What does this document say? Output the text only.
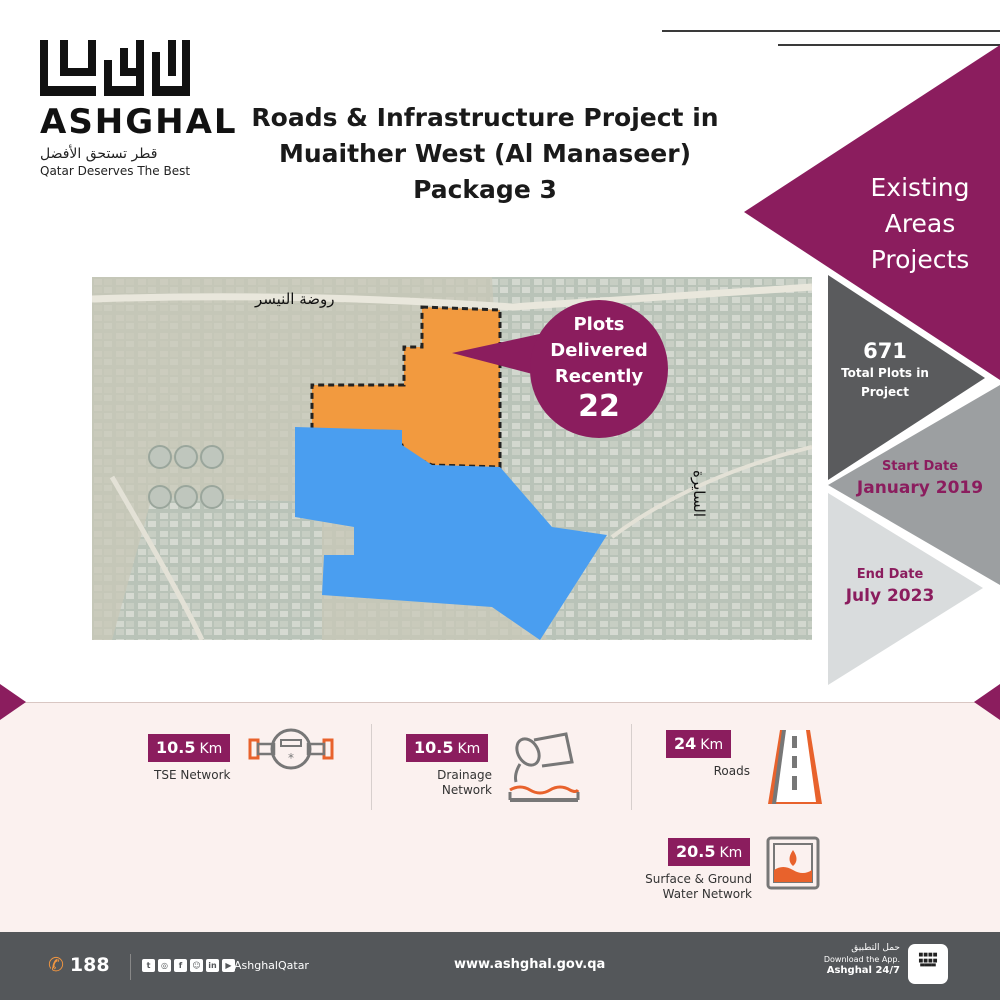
ASHGHAL
قطر تستحق الأفضل
Qatar Deserves The Best
Roads & Infrastructure Project in
Muaither West (Al Manaseer)
Package 3	Existing
Areas
Projects
671
Total Plots in
Project
Start Date
January 2019
End Date
July 2023
روضة النيسر
السايرة
Plots
Delivered
Recently
22
10.5 Km
TSE Network
*
10.5 Km
Drainage
Network
24 Km
Roads
20.5 Km
Surface & Ground
Water Network
✆ 188	t	◎	f	☺ in	▶ AshghalQatar	www.ashghal.gov.qa
حمل التطبيق
Download the App.
Ashghal 24/7
■■■■
■■■■
▀▀▀▀
